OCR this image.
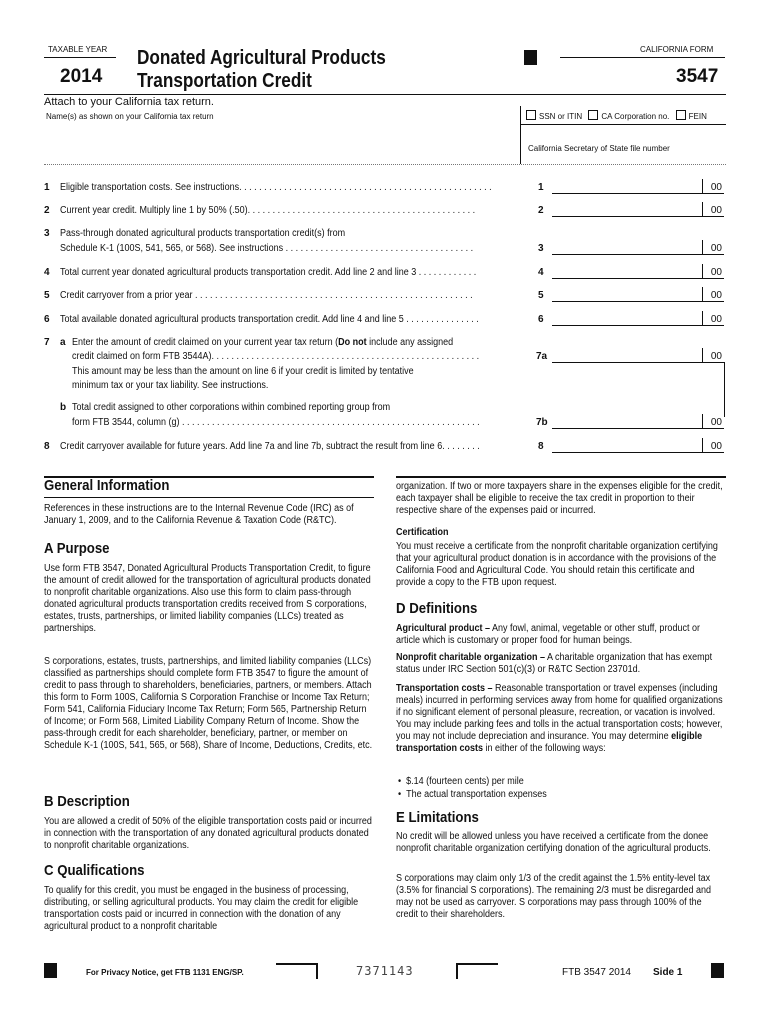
TAXABLE YEAR
2014
Donated Agricultural Products
Transportation Credit
CALIFORNIA FORM
3547
Attach to your California tax return.
Name(s) as shown on your California tax return	SSN or ITIN CA Corporation no. FEIN
California Secretary of State file number
1 Eligible transportation costs. See instructions. . . . . . . . . . . . . . . . . . . . . . . . . . . . . . . . . . . . . . . . . . . . . . . . . . .	1	00
2 Current year credit. Multiply line 1 by 50% (.50). . . . . . . . . . . . . . . . . . . . . . . . . . . . . . . . . . . . . . . . . . . . . .	2	00
3 Pass-through donated agricultural products transportation credit(s) from
Schedule K-1 (100S, 541, 565, or 568). See instructions . . . . . . . . . . . . . . . . . . . . . . . . . . . . . . . . . . . . . .	3	00
4 Total current year donated agricultural products transportation credit. Add line 2 and line 3 . . . . . . . . . . . .	4	00
5 Credit carryover from a prior year . . . . . . . . . . . . . . . . . . . . . . . . . . . . . . . . . . . . . . . . . . . . . . . . . . . . . . . .	5	00
6 Total available donated agricultural products transportation credit. Add line 4 and line 5 . . . . . . . . . . . . . . .	6	00
7 a Enter the amount of credit claimed on your current year tax return (Do not include any assigned
credit claimed on form FTB 3544A). . . . . . . . . . . . . . . . . . . . . . . . . . . . . . . . . . . . . . . . . . . . . . . . . . . . . .	7a	00
This amount may be less than the amount on line 6 if your credit is limited by tentative
minimum tax or your tax liability. See instructions.
b Total credit assigned to other corporations within combined reporting group from
form FTB 3544, column (g) . . . . . . . . . . . . . . . . . . . . . . . . . . . . . . . . . . . . . . . . . . . . . . . . . . . . . . . . . . . .	7b	00
8 Credit carryover available for future years. Add line 7a and line 7b, subtract the result from line 6. . . . . . . .	8	00
General Information
References in these instructions are to the Internal Revenue Code (IRC) as of January 1, 2009, and to the California Revenue & Taxation Code (R&TC).
A Purpose
Use form FTB 3547, Donated Agricultural Products Transportation Credit, to figure the amount of credit allowed for the transportation of agricultural products donated to nonprofit charitable organizations. Also use this form to claim pass-through donated agricultural products transportation credits received from S corporations, estates, trusts, partnerships, or limited liability companies (LLCs) treated as partnerships.
S corporations, estates, trusts, partnerships, and limited liability companies (LLCs) classified as partnerships should complete form FTB 3547 to figure the amount of credit to pass through to shareholders, beneficiaries, partners, or members. Attach this form to Form 100S, California S Corporation Franchise or Income Tax Return; Form 541, California Fiduciary Income Tax Return; Form 565, Partnership Return of Income; or Form 568, Limited Liability Company Return of Income. Show the pass-through credit for each shareholder, beneficiary, partner, or member on Schedule K-1 (100S, 541, 565, or 568), Share of Income, Deductions, Credits, etc.
B Description
You are allowed a credit of 50% of the eligible transportation costs paid or incurred in connection with the transportation of any donated agricultural products donated to nonprofit charitable organizations.
C Qualifications
To qualify for this credit, you must be engaged in the business of processing, distributing, or selling agricultural products. You may claim the credit for eligible transportation costs paid or incurred in connection with the donation of any agricultural product to a nonprofit charitable
organization. If two or more taxpayers share in the expenses eligible for the credit, each taxpayer shall be eligible to receive the tax credit in proportion to their respective share of the expenses paid or incurred.
Certification
You must receive a certificate from the nonprofit charitable organization certifying that your agricultural product donation is in accordance with the provisions of the California Food and Agricultural Code. You should retain this certificate and provide a copy to the FTB upon request.
D Definitions
Agricultural product – Any fowl, animal, vegetable or other stuff, product or article which is customary or proper food for human beings.
Nonprofit charitable organization – A charitable organization that has exempt status under IRC Section 501(c)(3) or R&TC Section 23701d.
Transportation costs – Reasonable transportation or travel expenses (including meals) incurred in performing services away from home for qualified organizations if no significant element of personal pleasure, recreation, or vacation is involved. You may include parking fees and tolls in the actual transportation costs; however, you may not include depreciation and insurance. You may determine eligible transportation costs in either of the following ways:
•  $.14 (fourteen cents) per mile
•  The actual transportation expenses
E Limitations
No credit will be allowed unless you have received a certificate from the donee nonprofit charitable organization certifying donation of the agricultural products.
S corporations may claim only 1/3 of the credit against the 1.5% entity-level tax (3.5% for financial S corporations). The remaining 2/3 must be disregarded and may not be used as carryover. S corporations may pass through 100% of the credit to their shareholders.
For Privacy Notice, get FTB 1131 ENG/SP.	7371143	FTB 3547 2014 Side 1
